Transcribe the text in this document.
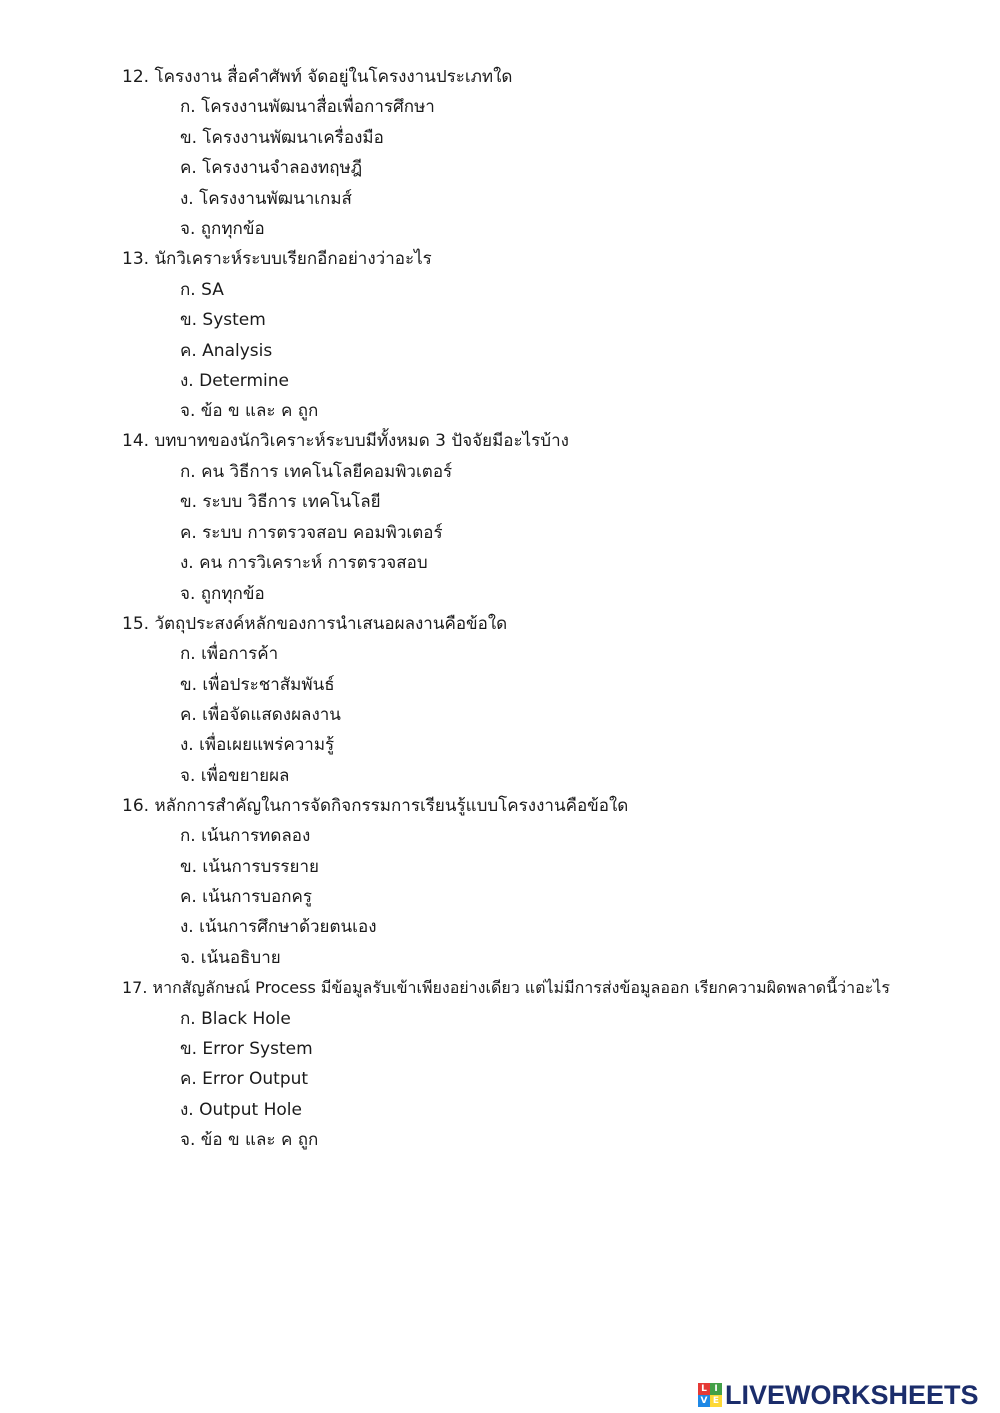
12. โครงงาน สื่อคำศัพท์ จัดอยู่ในโครงงานประเภทใด
ก. โครงงานพัฒนาสื่อเพื่อการศึกษา
ข. โครงงานพัฒนาเครื่องมือ
ค. โครงงานจำลองทฤษฎี
ง. โครงงานพัฒนาเกมส์
จ. ถูกทุกข้อ
13. นักวิเคราะห์ระบบเรียกอีกอย่างว่าอะไร
ก. SA
ข. System
ค. Analysis
ง. Determine
จ. ข้อ ข และ ค ถูก
14. บทบาทของนักวิเคราะห์ระบบมีทั้งหมด 3 ปัจจัยมีอะไรบ้าง
ก. คน วิธีการ เทคโนโลยีคอมพิวเตอร์
ข. ระบบ วิธีการ เทคโนโลยี
ค. ระบบ การตรวจสอบ คอมพิวเตอร์
ง. คน การวิเคราะห์ การตรวจสอบ
จ. ถูกทุกข้อ
15. วัตถุประสงค์หลักของการนำเสนอผลงานคือข้อใด
ก. เพื่อการค้า
ข. เพื่อประชาสัมพันธ์
ค. เพื่อจัดแสดงผลงาน
ง. เพื่อเผยแพร่ความรู้
จ. เพื่อขยายผล
16. หลักการสำคัญในการจัดกิจกรรมการเรียนรู้แบบโครงงานคือข้อใด
ก. เน้นการทดลอง
ข. เน้นการบรรยาย
ค. เน้นการบอกครู
ง. เน้นการศึกษาด้วยตนเอง
จ. เน้นอธิบาย
17. หากสัญลักษณ์ Process มีข้อมูลรับเข้าเพียงอย่างเดียว แต่ไม่มีการส่งข้อมูลออก เรียกความผิดพลาดนี้ว่าอะไร
ก. Black Hole
ข. Error System
ค. Error Output
ง. Output Hole
จ. ข้อ ข และ ค ถูก
L I
V E LIVEWORKSHEETS
